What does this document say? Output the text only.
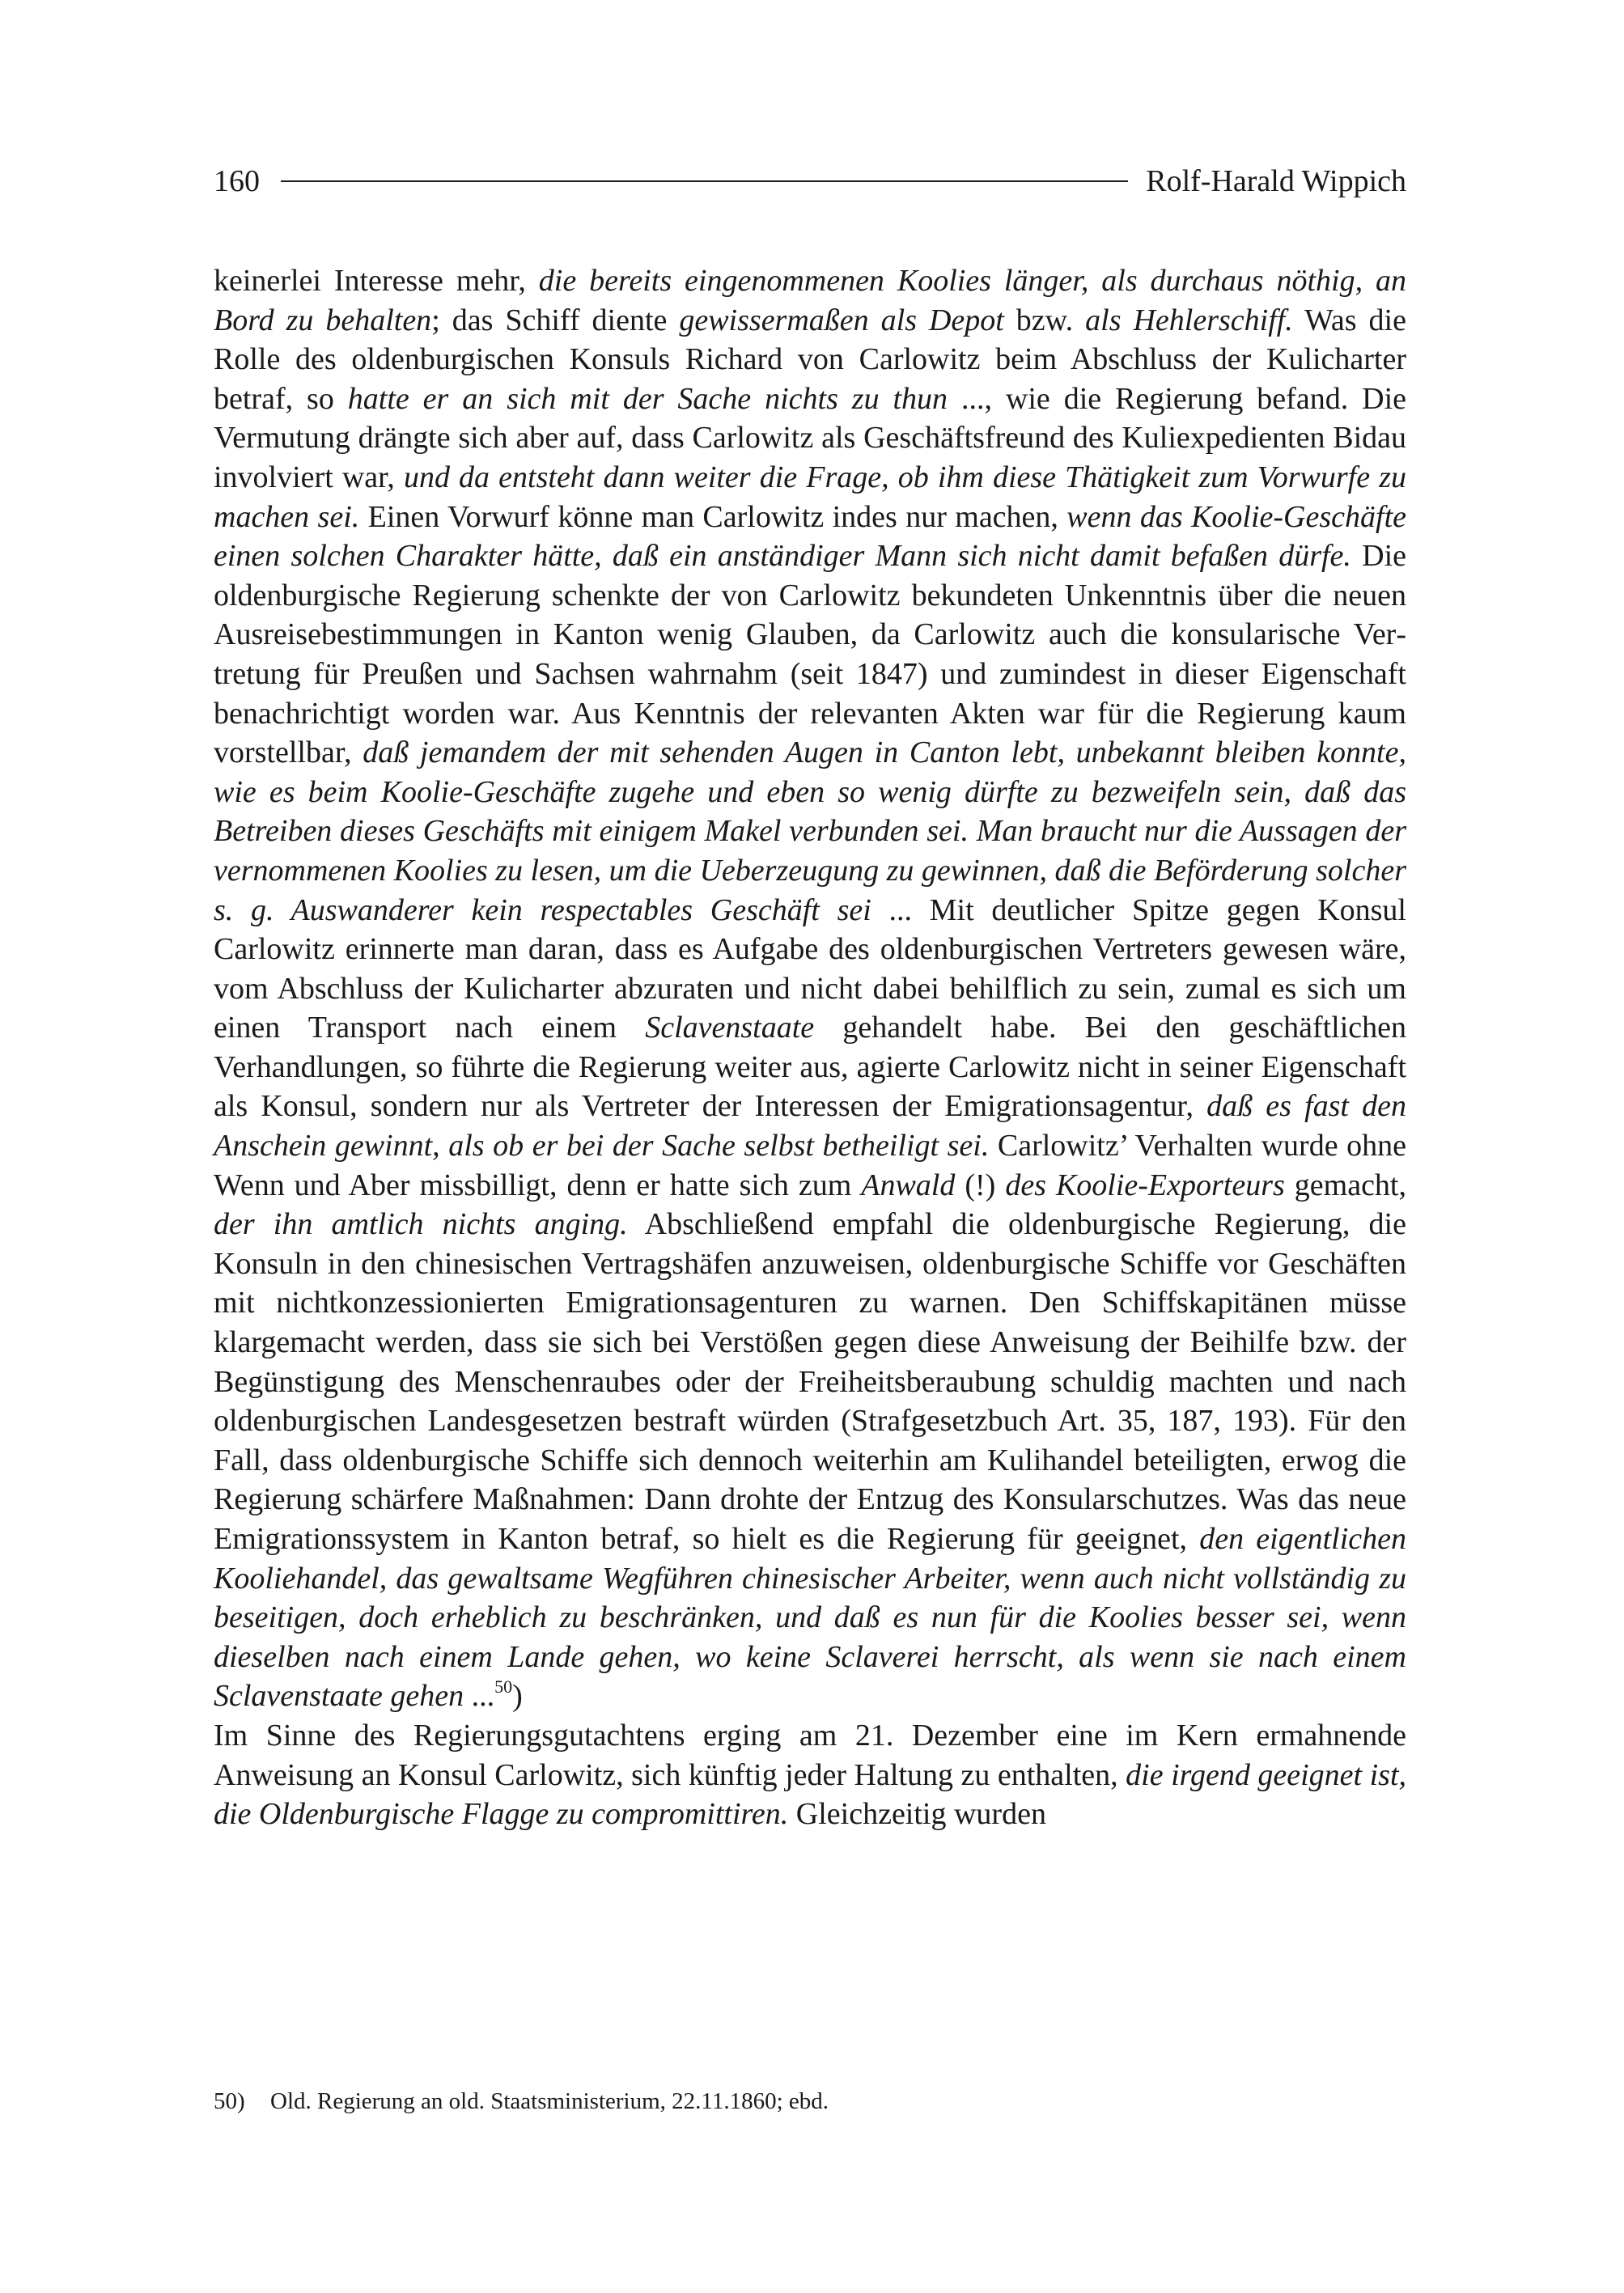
160	Rolf-Harald Wippich

keinerlei Interesse mehr, die bereits eingenommenen Koolies länger, als durchaus nöthig, an Bord zu behalten; das Schiff diente gewissermaßen als Depot bzw. als Hehlerschiff. Was die Rolle des oldenburgischen Konsuls Richard von Carlowitz beim Abschluss der Kulicharter betraf, so hatte er an sich mit der Sache nichts zu thun ..., wie die Regierung befand. Die Vermutung drängte sich aber auf, dass Carlowitz als Geschäftsfreund des Kuliexpedienten Bidau involviert war, und da entsteht dann weiter die Frage, ob ihm diese Thätigkeit zum Vorwurfe zu machen sei. Einen Vorwurf könne man Carlowitz indes nur machen, wenn das Koolie-Geschäfte einen solchen Charakter hätte, daß ein anständiger Mann sich nicht damit befaßen dürfe. Die oldenburgische Regierung schenkte der von Carlowitz bekundeten Unkenntnis über die neuen Ausreisebestimmungen in Kanton wenig Glauben, da Carlowitz auch die konsularische Vertretung für Preußen und Sachsen wahrnahm (seit 1847) und zumindest in dieser Eigenschaft benachrichtigt worden war. Aus Kenntnis der relevanten Akten war für die Regierung kaum vorstellbar, daß jemandem der mit sehenden Augen in Canton lebt, unbekannt bleiben konnte, wie es beim Koolie-Geschäfte zugehe und eben so wenig dürfte zu bezweifeln sein, daß das Betreiben dieses Geschäfts mit einigem Makel verbunden sei. Man braucht nur die Aussagen der vernommenen Koolies zu lesen, um die Ueberzeugung zu gewinnen, daß die Beförderung solcher s. g. Auswanderer kein respectables Geschäft sei ... Mit deutlicher Spitze gegen Konsul Carlowitz erinnerte man daran, dass es Aufgabe des oldenburgischen Vertreters gewesen wäre, vom Abschluss der Kulicharter abzuraten und nicht dabei behilflich zu sein, zumal es sich um einen Transport nach einem Sclavenstaate gehandelt habe. Bei den geschäftlichen Verhandlungen, so führte die Regierung weiter aus, agierte Carlowitz nicht in seiner Eigenschaft als Konsul, sondern nur als Vertreter der Interessen der Emigrationsagentur, daß es fast den Anschein gewinnt, als ob er bei der Sache selbst betheiligt sei. Carlowitz’ Verhalten wurde ohne Wenn und Aber missbilligt, denn er hatte sich zum Anwald (!) des Koolie-Exporteurs gemacht, der ihn amtlich nichts anging. Abschließend empfahl die oldenburgische Regierung, die Konsuln in den chinesischen Vertragshäfen anzuweisen, oldenburgische Schiffe vor Geschäften mit nichtkonzessionierten Emigrationsagenturen zu warnen. Den Schiffskapitänen müsse klargemacht werden, dass sie sich bei Verstößen gegen diese Anweisung der Beihilfe bzw. der Begünstigung des Menschenraubes oder der Freiheitsberaubung schuldig machten und nach oldenburgischen Landesgesetzen bestraft würden (Strafgesetzbuch Art. 35, 187, 193). Für den Fall, dass oldenburgische Schiffe sich dennoch weiterhin am Kulihandel beteiligten, erwog die Regierung schärfere Maßnahmen: Dann drohte der Entzug des Konsularschutzes. Was das neue Emigrationssystem in Kanton betraf, so hielt es die Regierung für geeignet, den eigentlichen Kooliehandel, das gewaltsame Wegführen chinesischer Arbeiter, wenn auch nicht vollständig zu beseitigen, doch erheblich zu beschränken, und daß es nun für die Koolies besser sei, wenn dieselben nach einem Lande gehen, wo keine Sclaverei herrscht, als wenn sie nach einem Sclavenstaate gehen ...$^{50}$)

Im Sinne des Regierungsgutachtens erging am 21. Dezember eine im Kern ermahnende Anweisung an Konsul Carlowitz, sich künftig jeder Haltung zu enthalten, die irgend geeignet ist, die Oldenburgische Flagge zu compromittiren. Gleichzeitig wurden

50)	Old. Regierung an old. Staatsministerium, 22.11.1860; ebd.
